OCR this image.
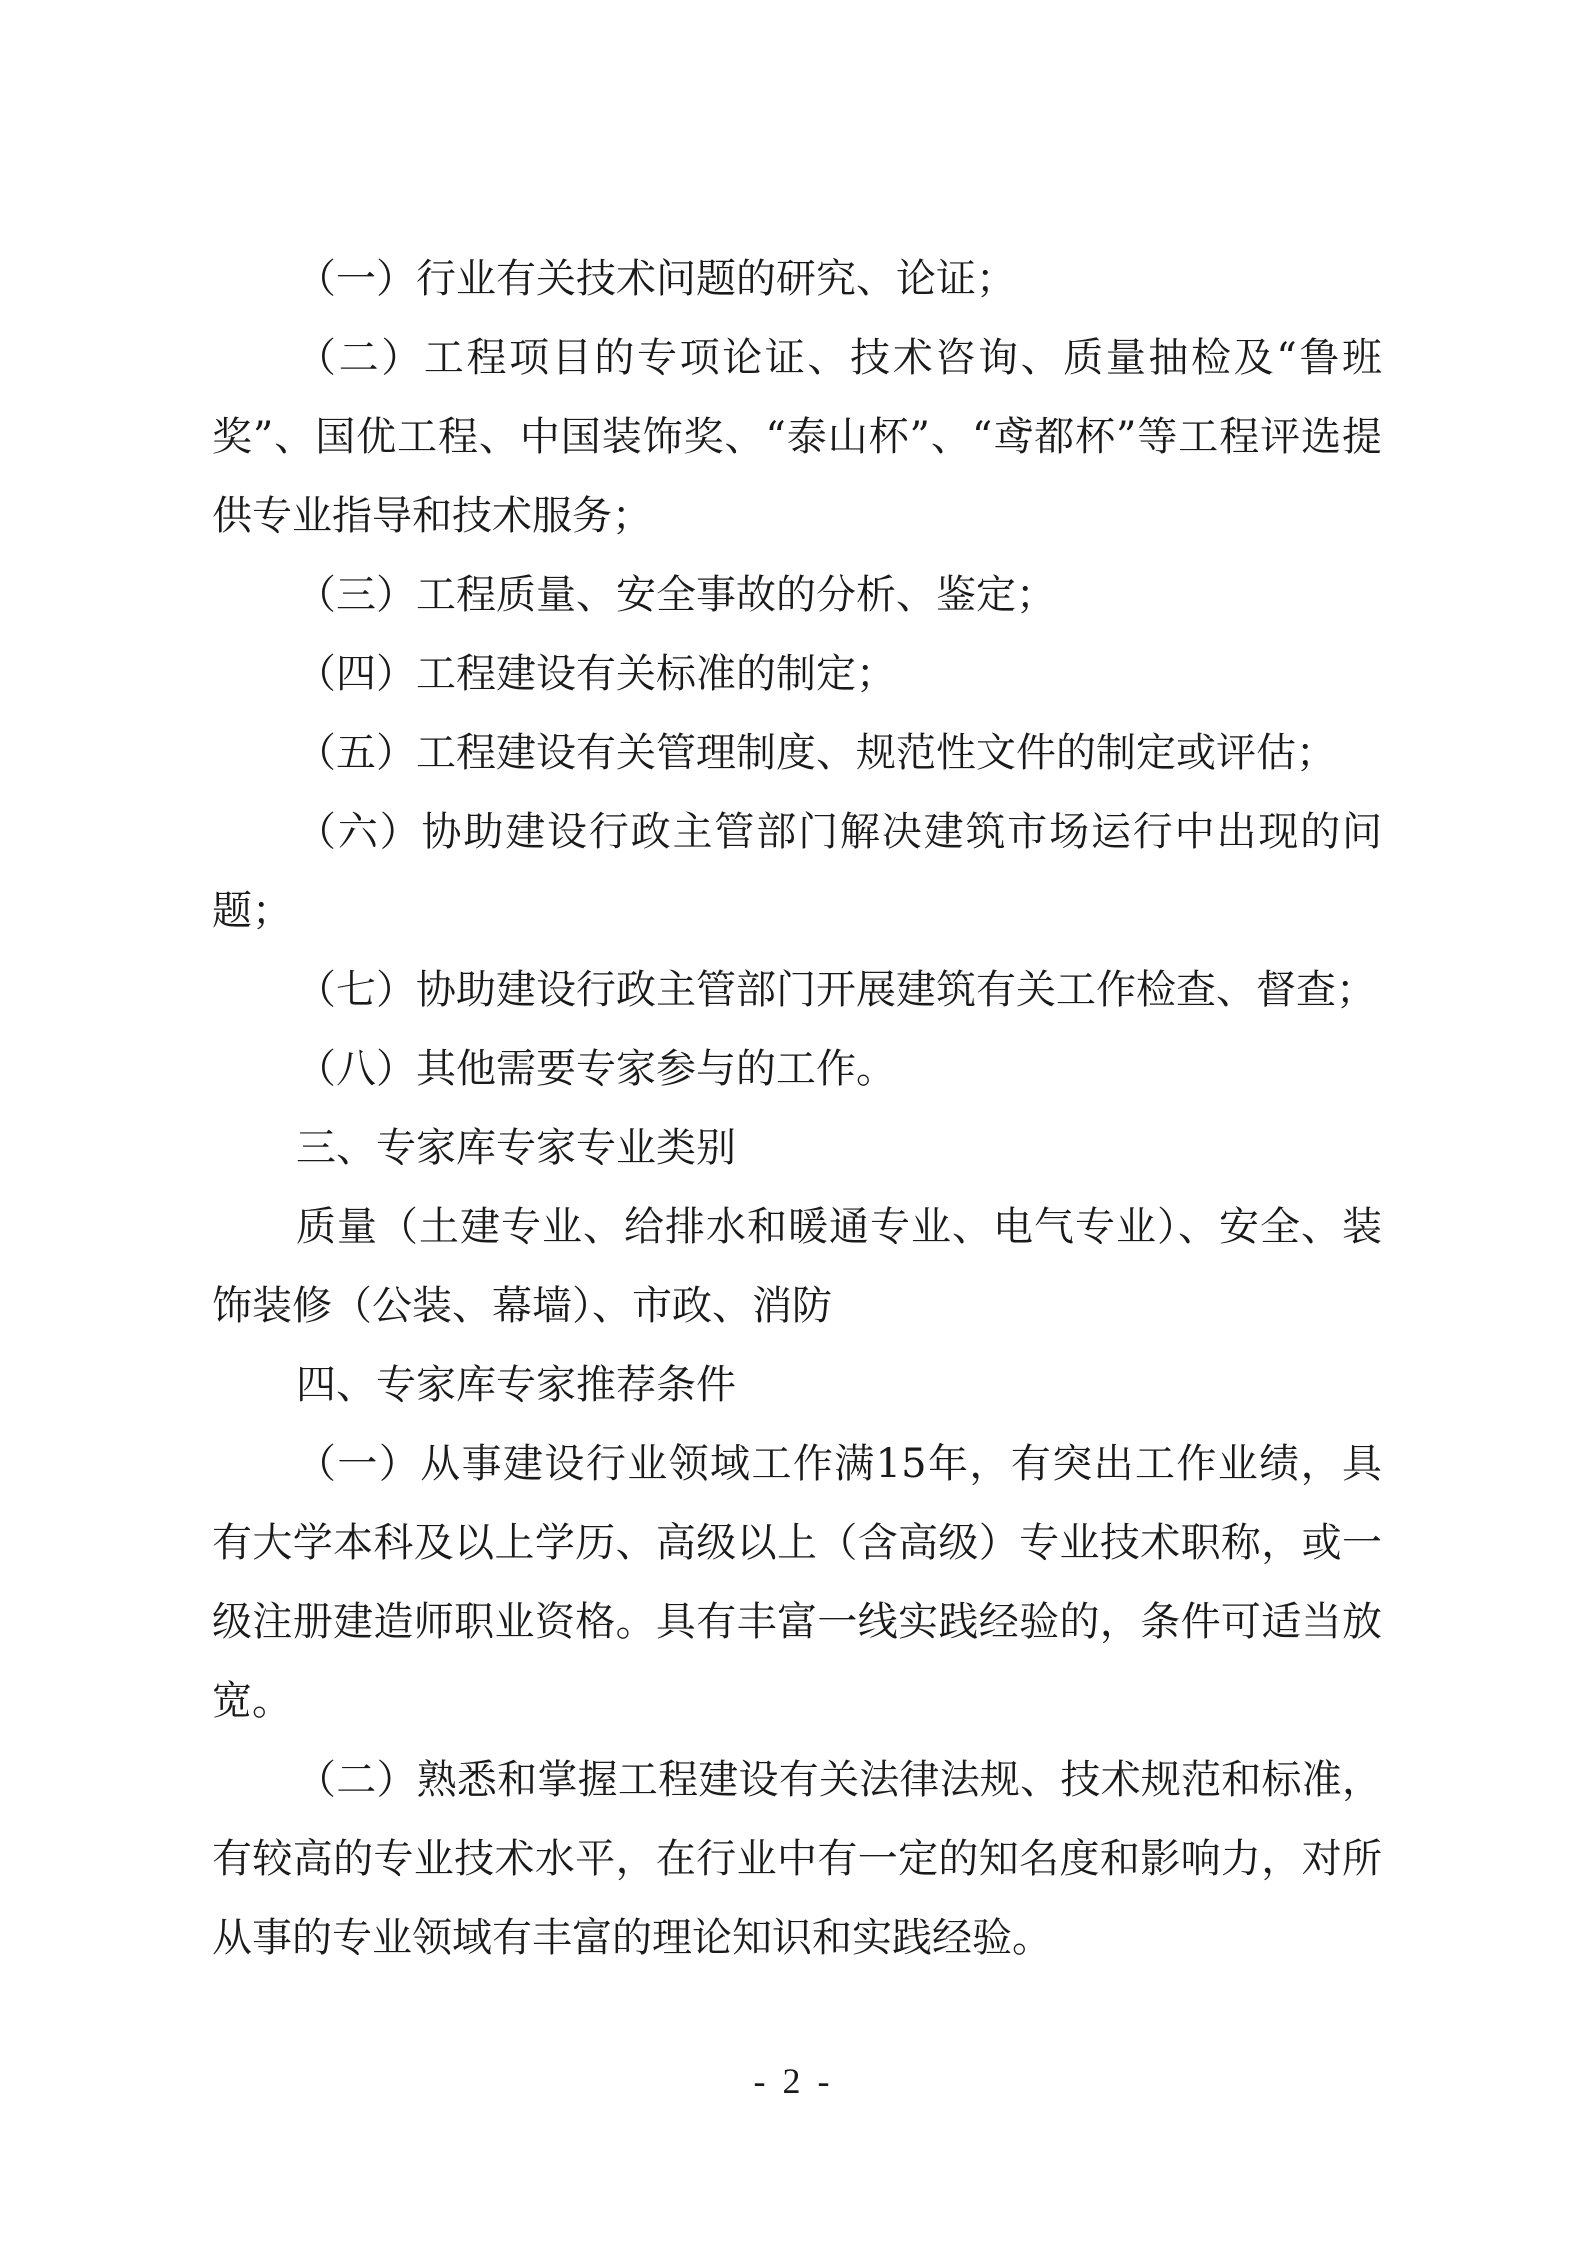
（一）行业有关技术问题的研究、论证；

（二）工程项目的专项论证、技术咨询、质量抽检及“鲁班奖”、国优工程、中国装饰奖、“泰山杯”、“鸢都杯”等工程评选提供专业指导和技术服务；

（三）工程质量、安全事故的分析、鉴定；

（四）工程建设有关标准的制定；

（五）工程建设有关管理制度、规范性文件的制定或评估；

（六）协助建设行政主管部门解决建筑市场运行中出现的问题；

（七）协助建设行政主管部门开展建筑有关工作检查、督查；

（八）其他需要专家参与的工作。

三、专家库专家专业类别

质量（土建专业、给排水和暖通专业、电气专业）、安全、装饰装修（公装、幕墙）、市政、消防

四、专家库专家推荐条件

（一）从事建设行业领域工作满15年，有突出工作业绩，具有大学本科及以上学历、高级以上（含高级）专业技术职称，或一级注册建造师职业资格。具有丰富一线实践经验的，条件可适当放宽。

（二）熟悉和掌握工程建设有关法律法规、技术规范和标准，有较高的专业技术水平，在行业中有一定的知名度和影响力，对所从事的专业领域有丰富的理论知识和实践经验。

- 2 -
